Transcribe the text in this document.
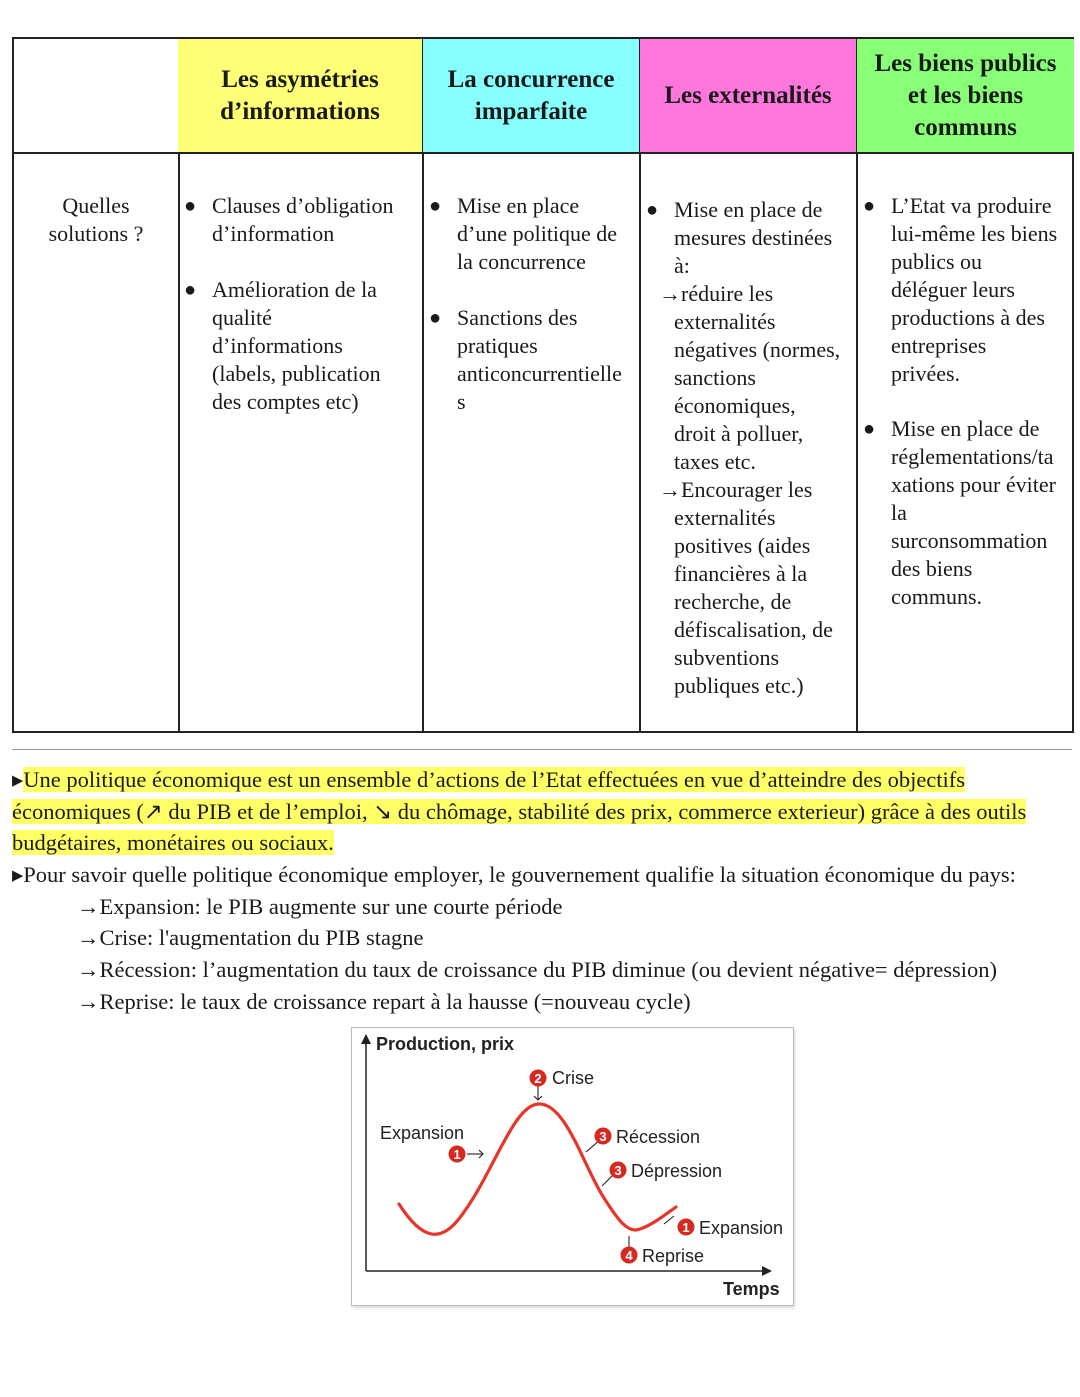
Les asymétries
d’informations
La concurrence
imparfaite
Les externalités
Les biens publics
et les biens
communs
Quelles
solutions ?
● Clauses d’obligation
d’information
● Amélioration de la
qualité
d’informations
(labels, publication
des comptes etc)
● Mise en place
d’une politique de
la concurrence
● Sanctions des
pratiques
anticoncurrentielle
s
● Mise en place de
mesures destinées
à:
→réduire les
externalités
négatives (normes,
sanctions
économiques,
droit à polluer,
taxes etc.
→Encourager les
externalités
positives (aides
financières à la
recherche, de
défiscalisation, de
subventions
publiques etc.)
● L’Etat va produire
lui-même les biens
publics ou
déléguer leurs
productions à des
entreprises
privées.
● Mise en place de
réglementations/ta
xations pour éviter
la
surconsommation
des biens
communs.
▸Une politique économique est un ensemble d’actions de l’Etat effectuées en vue d’atteindre des objectifs
économiques (↗ du PIB et de l’emploi, ↘ du chômage, stabilité des prix, commerce exterieur) grâce à des outils
budgétaires, monétaires ou sociaux.
▸Pour savoir quelle politique économique employer, le gouvernement qualifie la situation économique du pays:
→Expansion: le PIB augmente sur une courte période
→Crise: l'augmentation du PIB stagne
→Récession: l’augmentation du taux de croissance du PIB diminue (ou devient négative= dépression)
→Reprise: le taux de croissance repart à la hausse (=nouveau cycle)
Production, prix
Temps
1
2
3
3
1
4
Expansion
Crise
Récession
Dépression
Expansion
Reprise
